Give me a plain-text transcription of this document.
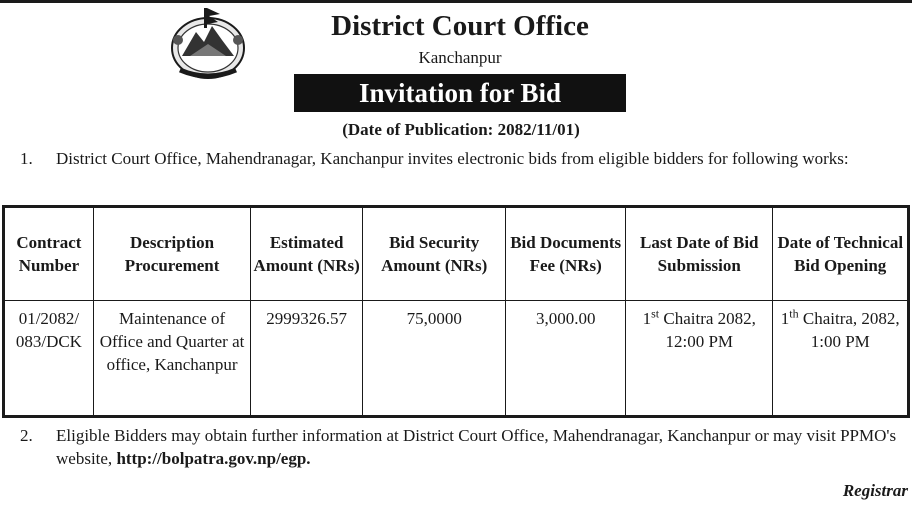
District Court Office
Kanchanpur
Invitation for Bid
(Date of Publication: 2082/11/01)
1. District Court Office, Mahendranagar, Kanchanpur invites electronic bids from eligible bidders for following works:
Contract Number	Description Procurement	Estimated Amount (NRs)	Bid Security Amount (NRs)	Bid Documents Fee (NRs)	Last Date of Bid Submission	Date of Technical Bid Opening
01/2082/ 083/DCK	Maintenance of Office and Quarter at office, Kanchanpur	2999326.57	75,0000	3,000.00	1st Chaitra 2082, 12:00 PM	1th Chaitra, 2082, 1:00 PM
2. Eligible Bidders may obtain further information at District Court Office, Mahendranagar, Kanchanpur or may visit PPMO's website, http://bolpatra.gov.np/egp.
Registrar
